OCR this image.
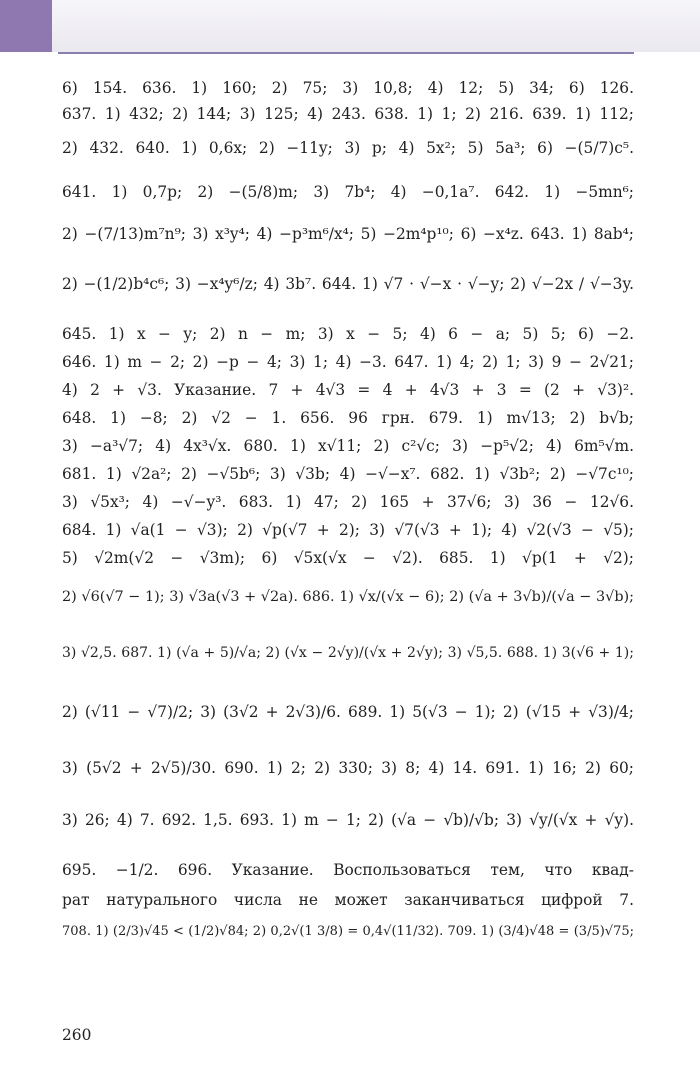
6) 154. 636. 1) 160; 2) 75; 3) 10,8; 4) 12; 5) 34; 6) 126.

637. 1) 432; 2) 144; 3) 125; 4) 243. 638. 1) 1; 2) 216. 639. 1) 112;

2) 432. 640. 1) 0,6x; 2) −11y; 3) p; 4) 5x²; 5) 5a³; 6) −(5/7)c⁵.

641. 1) 0,7p; 2) −(5/8)m; 3) 7b⁴; 4) −0,1a⁷. 642. 1) −5mn⁶;

2) −(7/13)m⁷n⁹; 3) x³y⁴; 4) −p³m⁶/x⁴; 5) −2m⁴p¹⁰; 6) −x⁴z. 643. 1) 8ab⁴;

2) −(1/2)b⁴c⁶; 3) −x⁴y⁶/z; 4) 3b⁷. 644. 1) √7 · √−x · √−y; 2) √−2x / √−3y.

645. 1) x − y; 2) n − m; 3) x − 5; 4) 6 − a; 5) 5; 6) −2.

646. 1) m − 2; 2) −p − 4; 3) 1; 4) −3. 647. 1) 4; 2) 1; 3) 9 − 2√21;

4) 2 + √3. Указание. 7 + 4√3 = 4 + 4√3 + 3 = (2 + √3)².

648. 1) −8; 2) √2 − 1. 656. 96 грн. 679. 1) m√13; 2) b√b;

3) −a³√7; 4) 4x³√x. 680. 1) x√11; 2) c²√c; 3) −p⁵√2; 4) 6m⁵√m.

681. 1) √2a²; 2) −√5b⁶; 3) √3b; 4) −√−x⁷. 682. 1) √3b²; 2) −√7c¹⁰;

3) √5x³; 4) −√−y³. 683. 1) 47; 2) 165 + 37√6; 3) 36 − 12√6.

684. 1) √a(1 − √3); 2) √p(√7 + 2); 3) √7(√3 + 1); 4) √2(√3 − √5);

5) √2m(√2 − √3m); 6) √5x(√x − √2). 685. 1) √p(1 + √2);

2) √6(√7 − 1); 3) √3a(√3 + √2a). 686. 1) √x/(√x − 6); 2) (√a + 3√b)/(√a − 3√b);

3) √2,5. 687. 1) (√a + 5)/√a; 2) (√x − 2√y)/(√x + 2√y); 3) √5,5. 688. 1) 3(√6 + 1);

2) (√11 − √7)/2; 3) (3√2 + 2√3)/6. 689. 1) 5(√3 − 1); 2) (√15 + √3)/4;

3) (5√2 + 2√5)/30. 690. 1) 2; 2) 330; 3) 8; 4) 14. 691. 1) 16; 2) 60;

3) 26; 4) 7. 692. 1,5. 693. 1) m − 1; 2) (√a − √b)/√b; 3) √y/(√x + √y).

695. −1/2. 696. Указание. Воспользоваться тем, что квад-

рат натурального числа не может заканчиваться цифрой 7.

708. 1) (2/3)√45 < (1/2)√84; 2) 0,2√(1 3/8) = 0,4√(11/32). 709. 1) (3/4)√48 = (3/5)√75;

260
